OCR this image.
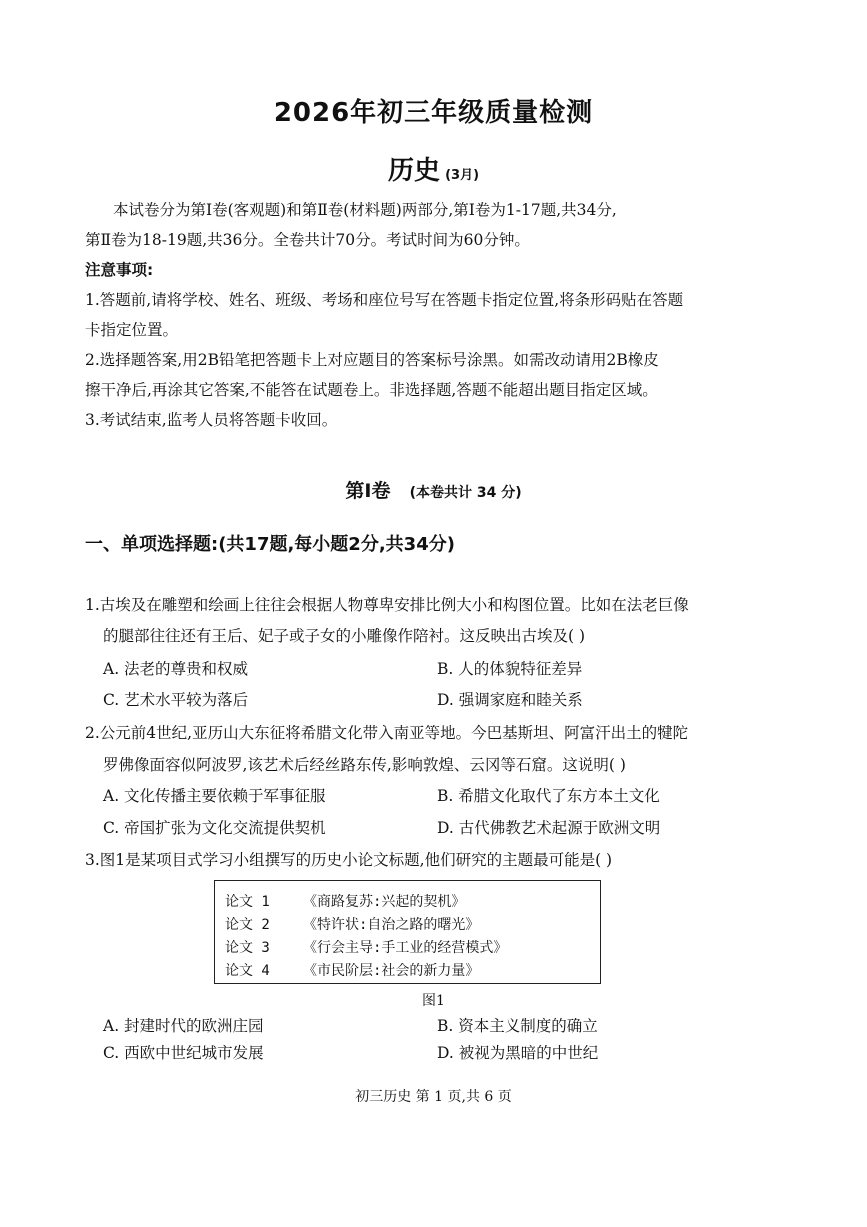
2026年初三年级质量检测
历史 (3月)
本试卷分为第Ⅰ卷(客观题)和第Ⅱ卷(材料题)两部分,第Ⅰ卷为1-17题,共34分,
第Ⅱ卷为18-19题,共36分。全卷共计70分。考试时间为60分钟。
注意事项:
1.答题前,请将学校、姓名、班级、考场和座位号写在答题卡指定位置,将条形码贴在答题
卡指定位置。
2.选择题答案,用2B铅笔把答题卡上对应题目的答案标号涂黑。如需改动请用2B橡皮
擦干净后,再涂其它答案,不能答在试题卷上。非选择题,答题不能超出题目指定区域。
3.考试结束,监考人员将答题卡收回。
第Ⅰ卷 (本卷共计 34 分)
一、单项选择题:(共17题,每小题2分,共34分)
1.古埃及在雕塑和绘画上往往会根据人物尊卑安排比例大小和构图位置。比如在法老巨像
的腿部往往还有王后、妃子或子女的小雕像作陪衬。这反映出古埃及( )
A. 法老的尊贵和权威	B. 人的体貌特征差异
C. 艺术水平较为落后	D. 强调家庭和睦关系
2.公元前4世纪,亚历山大东征将希腊文化带入南亚等地。今巴基斯坦、阿富汗出土的犍陀
罗佛像面容似阿波罗,该艺术后经丝路东传,影响敦煌、云冈等石窟。这说明( )
A. 文化传播主要依赖于军事征服	B. 希腊文化取代了东方本土文化
C. 帝国扩张为文化交流提供契机	D. 古代佛教艺术起源于欧洲文明
3.图1是某项目式学习小组撰写的历史小论文标题,他们研究的主题最可能是( )
论文 1 《商路复苏:兴起的契机》
论文 2 《特许状:自治之路的曙光》
论文 3 《行会主导:手工业的经营模式》
论文 4 《市民阶层:社会的新力量》
图1
A. 封建时代的欧洲庄园	B. 资本主义制度的确立
C. 西欧中世纪城市发展	D. 被视为黑暗的中世纪
初三历史 第 1 页,共 6 页
